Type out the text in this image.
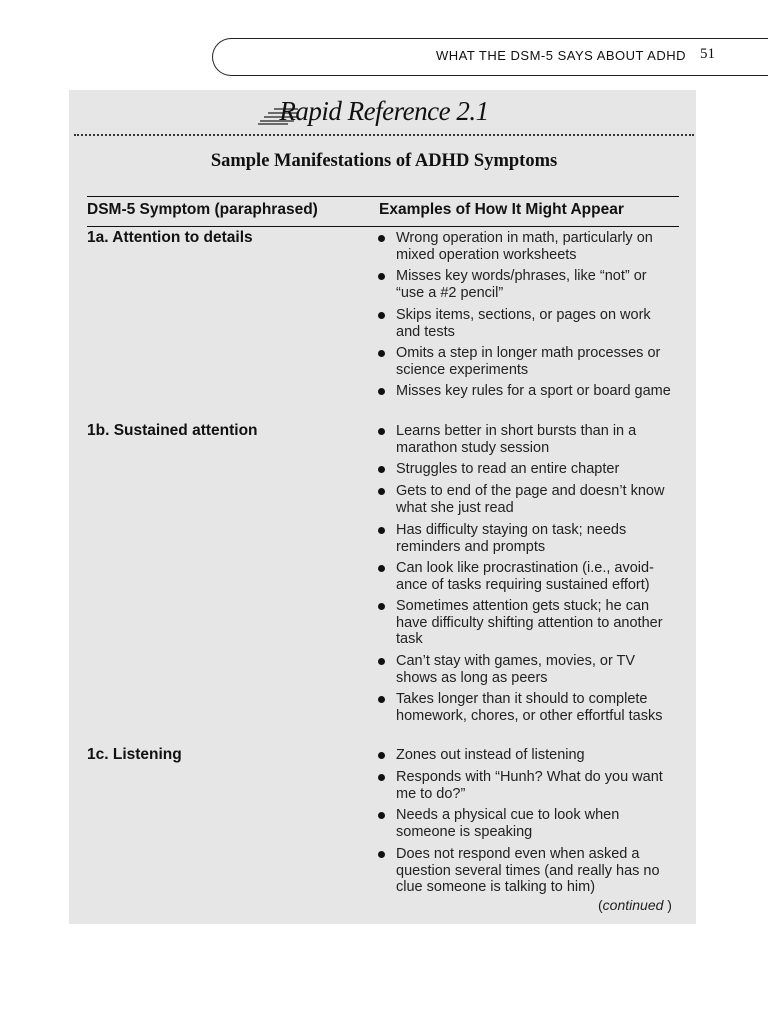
WHAT THE DSM-5 SAYS ABOUT ADHD 51
Rapid Reference 2.1
Sample Manifestations of ADHD Symptoms
DSM-5 Symptom (paraphrased)	Examples of How It Might Appear
1a. Attention to details
1b. Sustained attention
1c. Listening
Wrong operation in math, particularly on mixed operation worksheets
Misses key words/phrases, like “not” or “use a #2 pencil”
Skips items, sections, or pages on work and tests
Omits a step in longer math processes or science experiments
Misses key rules for a sport or board game
Learns better in short bursts than in a marathon study session
Struggles to read an entire chapter
Gets to end of the page and doesn’t know what she just read
Has difficulty staying on task; needs reminders and prompts
Can look like procrastination (i.e., avoid-ance of tasks requiring sustained effort)
Sometimes attention gets stuck; he can have difficulty shifting attention to another task
Can’t stay with games, movies, or TV shows as long as peers
Takes longer than it should to complete homework, chores, or other effortful tasks
Zones out instead of listening
Responds with “Hunh? What do you want me to do?”
Needs a physical cue to look when someone is speaking
Does not respond even when asked a question several times (and really has no clue someone is talking to him)
(continued )
